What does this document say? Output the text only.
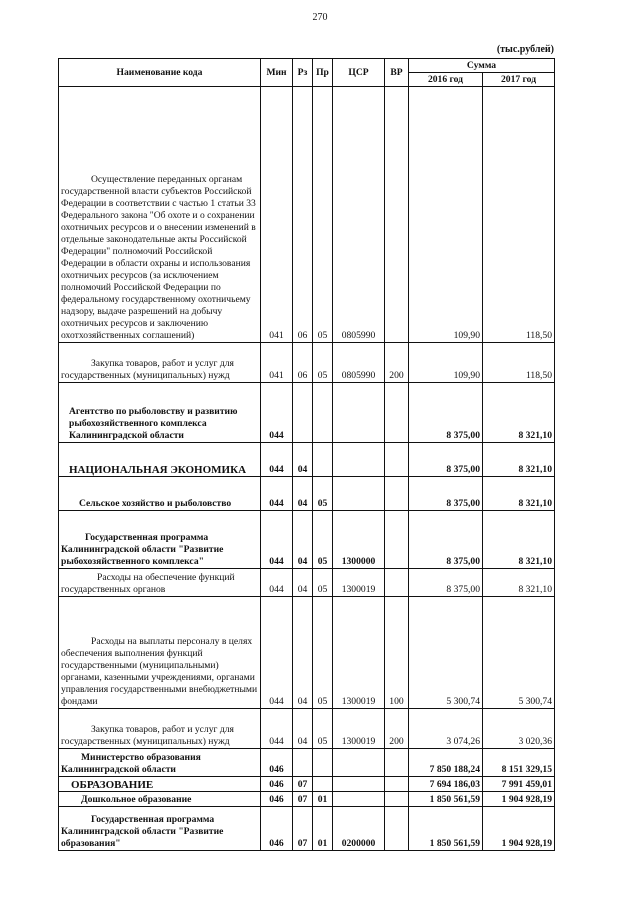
270
(тыс.рублей)
Наименование кода	Мин	Рз	Пр	ЦСР	ВР	Сумма	
						2016 год	2017 год

Осуществление переданных органам государственной власти субъектов Российской Федерации в соответствии с частью 1 статьи 33 Федерального закона "Об охоте и о сохранении охотничьих ресурсов и о внесении изменений в отдельные законодательные акты Российской Федерации" полномочий Российской Федерации в области охраны и использования охотничьих ресурсов (за исключением полномочий Российской Федерации по федеральному государственному охотничьему надзору, выдаче разрешений на добычу охотничьих ресурсов и заключению охотхозяйственных соглашений)	041	06	05	0805990		109,90	118,50

Закупка товаров, работ и услуг для государственных (муниципальных) нужд	041	06	05	0805990	200	109,90	118,50

Агентство по рыболовству и развитию рыбохозяйственного комплекса Калининградской области	044					8 375,00	8 321,10

НАЦИОНАЛЬНАЯ ЭКОНОМИКА	044	04				8 375,00	8 321,10

Сельское хозяйство и рыболовство	044	04	05			8 375,00	8 321,10

Государственная программа Калининградской области "Развитие рыбохозяйственного комплекса"	044	04	05	1300000		8 375,00	8 321,10

Расходы на обеспечение функций государственных органов	044	04	05	1300019		8 375,00	8 321,10

Расходы на выплаты персоналу в целях обеспечения выполнения функций государственными (муниципальными) органами, казенными учреждениями, органами управления государственными внебюджетными фондами	044	04	05	1300019	100	5 300,74	5 300,74

Закупка товаров, работ и услуг для государственных (муниципальных) нужд	044	04	05	1300019	200	3 074,26	3 020,36

Министерство образования Калининградской области	046					7 850 188,24	8 151 329,15

ОБРАЗОВАНИЕ	046	07				7 694 186,03	7 991 459,01

Дошкольное образование	046	07	01			1 850 561,59	1 904 928,19

Государственная программа Калининградской области "Развитие образования"	046	07	01	0200000		1 850 561,59	1 904 928,19
